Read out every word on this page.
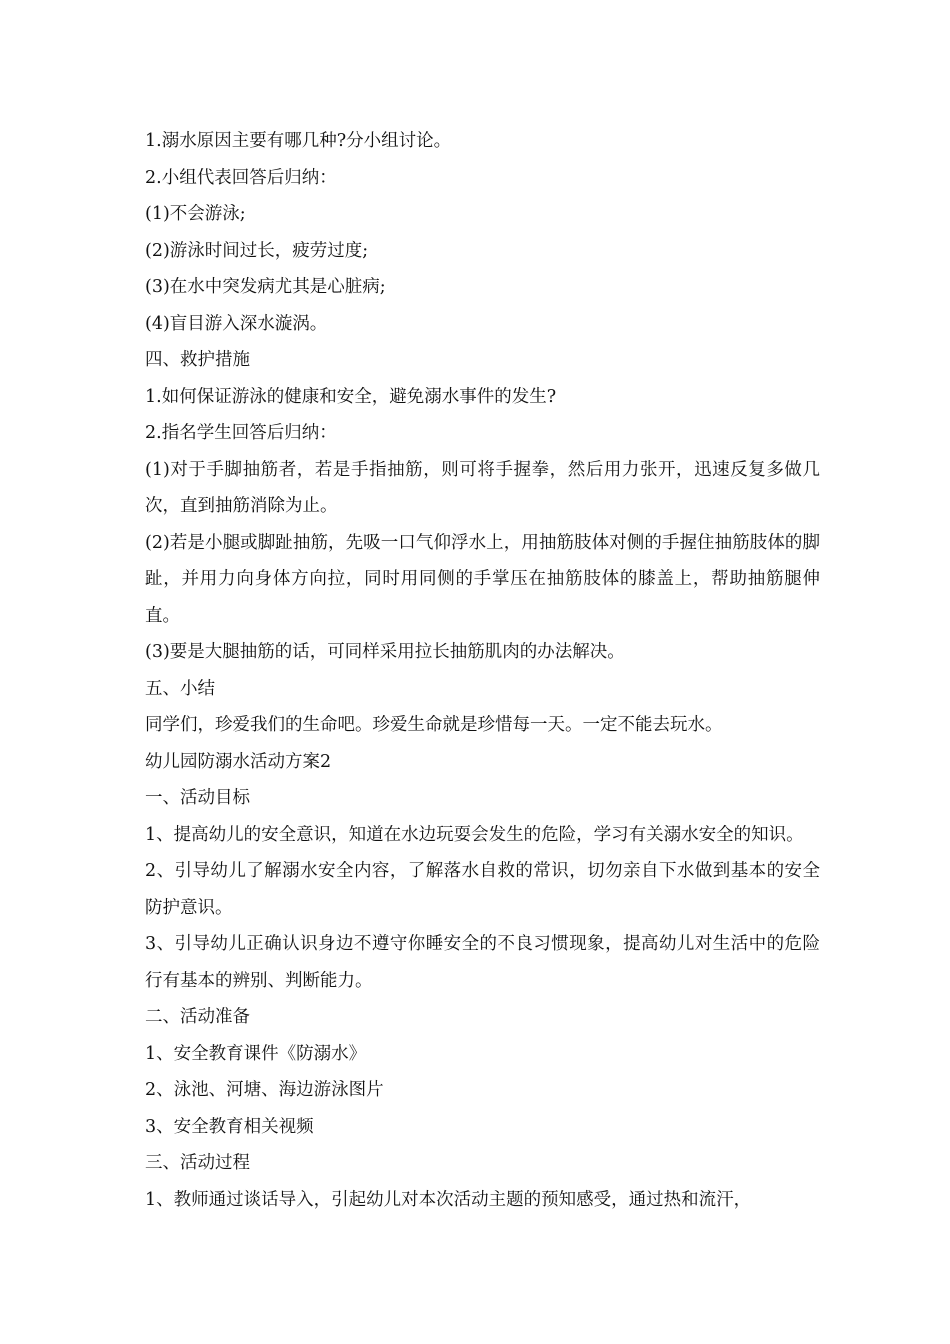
1.溺水原因主要有哪几种?分小组讨论。

2.小组代表回答后归纳：

(1)不会游泳;

(2)游泳时间过长，疲劳过度;

(3)在水中突发病尤其是心脏病;

(4)盲目游入深水漩涡。

四、救护措施

1.如何保证游泳的健康和安全，避免溺水事件的发生?

2.指名学生回答后归纳：

(1)对于手脚抽筋者，若是手指抽筋，则可将手握拳，然后用力张开，迅速反复多做几次，直到抽筋消除为止。

(2)若是小腿或脚趾抽筋，先吸一口气仰浮水上，用抽筋肢体对侧的手握住抽筋肢体的脚趾，并用力向身体方向拉，同时用同侧的手掌压在抽筋肢体的膝盖上，帮助抽筋腿伸直。

(3)要是大腿抽筋的话，可同样采用拉长抽筋肌肉的办法解决。

五、小结

同学们，珍爱我们的生命吧。珍爱生命就是珍惜每一天。一定不能去玩水。

幼儿园防溺水活动方案2

一、活动目标

1、提高幼儿的安全意识，知道在水边玩耍会发生的危险，学习有关溺水安全的知识。

2、引导幼儿了解溺水安全内容，了解落水自救的常识，切勿亲自下水做到基本的安全防护意识。

3、引导幼儿正确认识身边不遵守你睡安全的不良习惯现象，提高幼儿对生活中的危险行有基本的辨别、判断能力。

二、活动准备

1、安全教育课件《防溺水》

2、泳池、河塘、海边游泳图片

3、安全教育相关视频

三、活动过程

1、教师通过谈话导入，引起幼儿对本次活动主题的预知感受，通过热和流汗，
